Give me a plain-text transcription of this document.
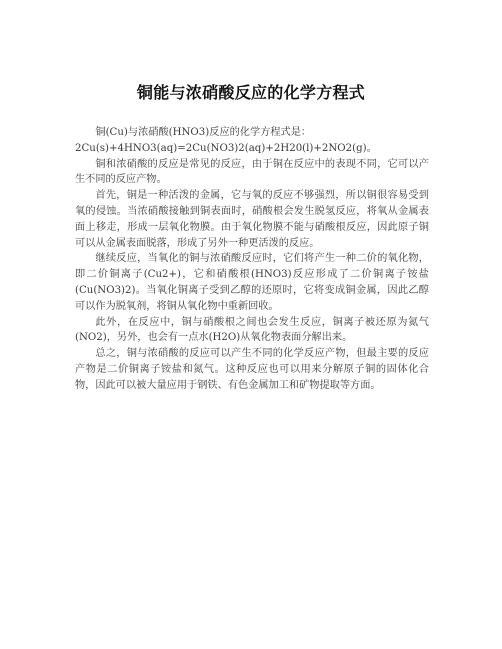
铜能与浓硝酸反应的化学方程式

铜(Cu)与浓硝酸(HNO3)反应的化学方程式是：

2Cu(s)+4HNO3(aq)=2Cu(NO3)2(aq)+2H20(l)+2NO2(g)。

铜和浓硝酸的反应是常见的反应，由于铜在反应中的表现不同，它可以产生不同的反应产物。

首先，铜是一种活泼的金属，它与氧的反应不够强烈，所以铜很容易受到氧的侵蚀。当浓硝酸接触到铜表面时，硝酸根会发生脱氢反应，将氧从金属表面上移走，形成一层氧化物膜。由于氧化物膜不能与硝酸根反应，因此原子铜可以从金属表面脱落，形成了另外一种更活泼的反应。

继续反应，当氧化的铜与浓硝酸反应时，它们将产生一种二价的氧化物，即二价铜离子(Cu2+)，它和硝酸根(HNO3)反应形成了二价铜离子铵盐(Cu(NO3)2)。当氧化铜离子受到乙醇的还原时，它将变成铜金属，因此乙醇可以作为脱氧剂，将铜从氧化物中重新回收。

此外，在反应中，铜与硝酸根之间也会发生反应，铜离子被还原为氮气(NO2)，另外，也会有一点水(H2O)从氧化物表面分解出来。

总之，铜与浓硝酸的反应可以产生不同的化学反应产物，但最主要的反应产物是二价铜离子铵盐和氮气。这种反应也可以用来分解原子铜的固体化合物，因此可以被大量应用于钢铁、有色金属加工和矿物提取等方面。
